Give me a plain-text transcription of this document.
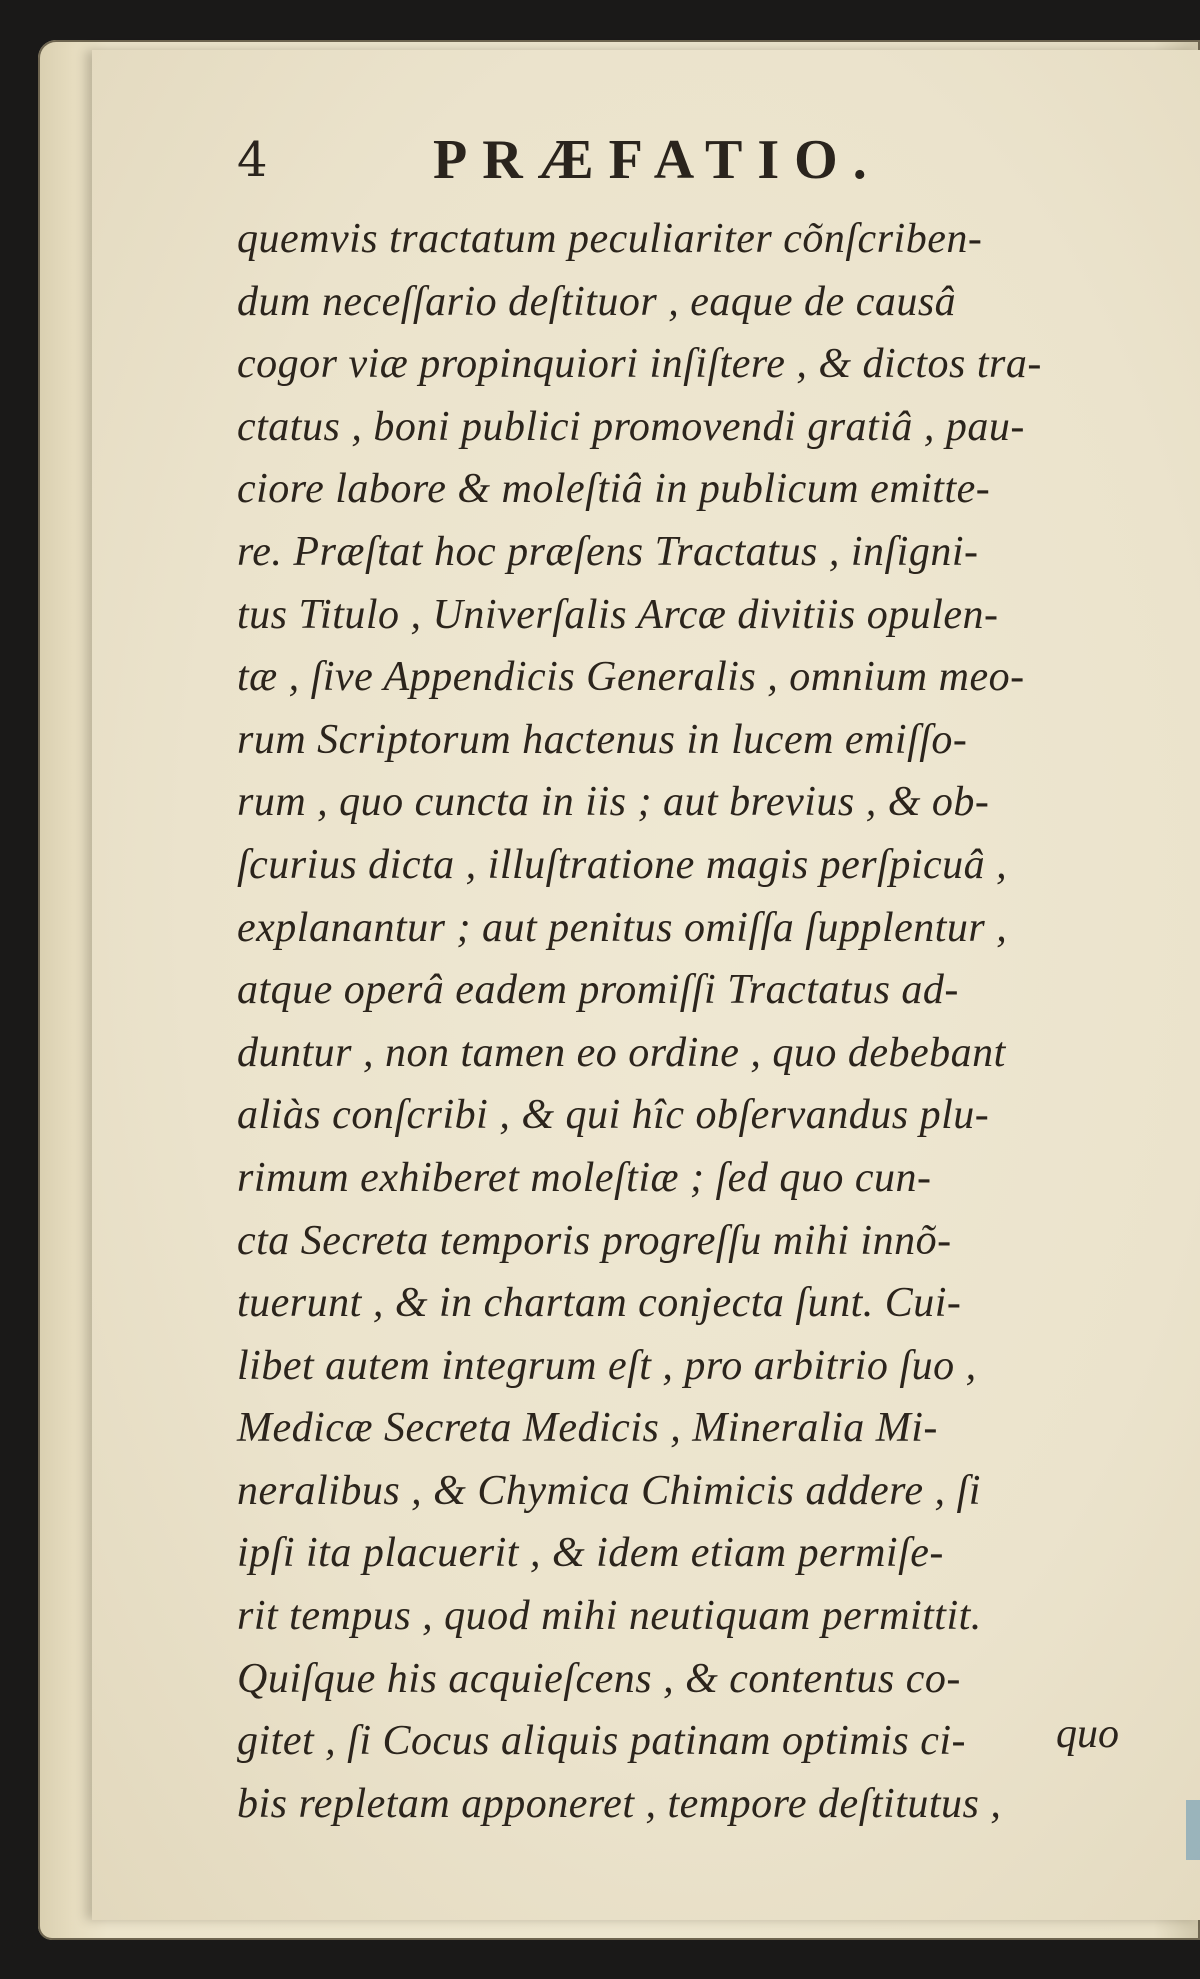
4	PRÆFATIO.
quemvis tractatum peculiariter cõnſcriben-
dum neceſſario deſtituor , eaque de causâ
cogor viæ propinquiori inſiſtere , & dictos tra-
ctatus , boni publici promovendi gratiâ , pau-
ciore labore & moleſtiâ in publicum emitte-
re. Præſtat hoc præſens Tractatus , inſigni-
tus Titulo , Univerſalis Arcæ divitiis opulen-
tæ , ſive Appendicis Generalis , omnium meo-
rum Scriptorum hactenus in lucem emiſſo-
rum , quo cuncta in iis ; aut brevius , & ob-
ſcurius dicta , illuſtratione magis perſpicuâ ,
explanantur ; aut penitus omiſſa ſupplentur ,
atque operâ eadem promiſſi Tractatus ad-
duntur , non tamen eo ordine , quo debebant
aliàs conſcribi , & qui hîc obſervandus plu-
rimum exhiberet moleſtiæ ; ſed quo cun-
cta Secreta temporis progreſſu mihi innõ-
tuerunt , & in chartam conjecta ſunt. Cui-
libet autem integrum eſt , pro arbitrio ſuo ,
Medicæ Secreta Medicis , Mineralia Mi-
neralibus , & Chymica Chimicis addere , ſi
ipſi ita placuerit , & idem etiam permiſe-
rit tempus , quod mihi neutiquam permittit.
Quiſque his acquieſcens , & contentus co-
gitet , ſi Cocus aliquis patinam optimis ci-
bis repletam apponeret , tempore deſtitutus ,
quo
